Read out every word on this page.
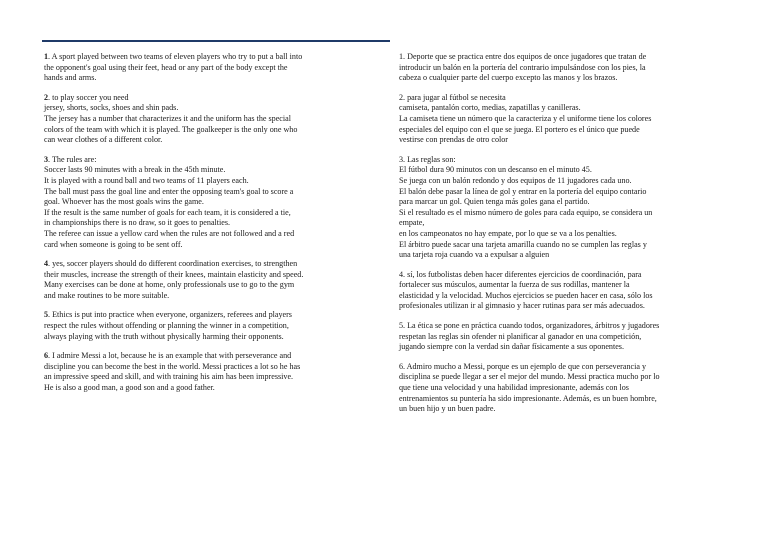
1. A sport played between two teams of eleven players who try to put a ball into
the opponent's goal using their feet, head or any part of the body except the
hands and arms.
2. to play soccer you need
jersey, shorts, socks, shoes and shin pads.
The jersey has a number that characterizes it and the uniform has the special
colors of the team with which it is played. The goalkeeper is the only one who
can wear clothes of a different color.
3. The rules are:
Soccer lasts 90 minutes with a break in the 45th minute.
It is played with a round ball and two teams of 11 players each.
The ball must pass the goal line and enter the opposing team's goal to score a
goal. Whoever has the most goals wins the game.
If the result is the same number of goals for each team, it is considered a tie,
in championships there is no draw, so it goes to penalties.
The referee can issue a yellow card when the rules are not followed and a red
card when someone is going to be sent off.
4. yes, soccer players should do different coordination exercises, to strengthen
their muscles, increase the strength of their knees, maintain elasticity and speed.
Many exercises can be done at home, only professionals use to go to the gym
and make routines to be more suitable.
5. Ethics is put into practice when everyone, organizers, referees and players
respect the rules without offending or planning the winner in a competition,
always playing with the truth without physically harming their opponents.
6. I admire Messi a lot, because he is an example that with perseverance and
discipline you can become the best in the world. Messi practices a lot so he has
an impressive speed and skill, and with training his aim has been impressive.
He is also a good man, a good son and a good father.
1. Deporte que se practica entre dos equipos de once jugadores que tratan de
introducir un balón en la portería del contrario impulsándose con los pies, la
cabeza o cualquier parte del cuerpo excepto las manos y los brazos.
2. para jugar al fútbol se necesita
camiseta, pantalón corto, medias, zapatillas y canilleras.
La camiseta tiene un número que la caracteriza y el uniforme tiene los colores
especiales del equipo con el que se juega. El portero es el único que puede
vestirse con prendas de otro color
3. Las reglas son:
El fútbol dura 90 minutos con un descanso en el minuto 45.
Se juega con un balón redondo y dos equipos de 11 jugadores cada uno.
El balón debe pasar la línea de gol y entrar en la portería del equipo contario
para marcar un gol. Quien tenga más goles gana el partido.
Si el resultado es el mismo número de goles para cada equipo, se considera un
empate,
en los campeonatos no hay empate, por lo que se va a los penalties.
El árbitro puede sacar una tarjeta amarilla cuando no se cumplen las reglas y
una tarjeta roja cuando va a expulsar a alguien
4. sí, los futbolistas deben hacer diferentes ejercicios de coordinación, para
fortalecer sus músculos, aumentar la fuerza de sus rodillas, mantener la
elasticidad y la velocidad. Muchos ejercicios se pueden hacer en casa, sólo los
profesionales utilizan ir al gimnasio y hacer rutinas para ser más adecuados.
5. La ética se pone en práctica cuando todos, organizadores, árbitros y jugadores
respetan las reglas sin ofender ni planificar al ganador en una competición,
jugando siempre con la verdad sin dañar físicamente a sus oponentes.
6. Admiro mucho a Messi, porque es un ejemplo de que con perseverancia y
disciplina se puede llegar a ser el mejor del mundo. Messi practica mucho por lo
que tiene una velocidad y una habilidad impresionante, además con los
entrenamientos su puntería ha sido impresionante. Además, es un buen hombre,
un buen hijo y un buen padre.
